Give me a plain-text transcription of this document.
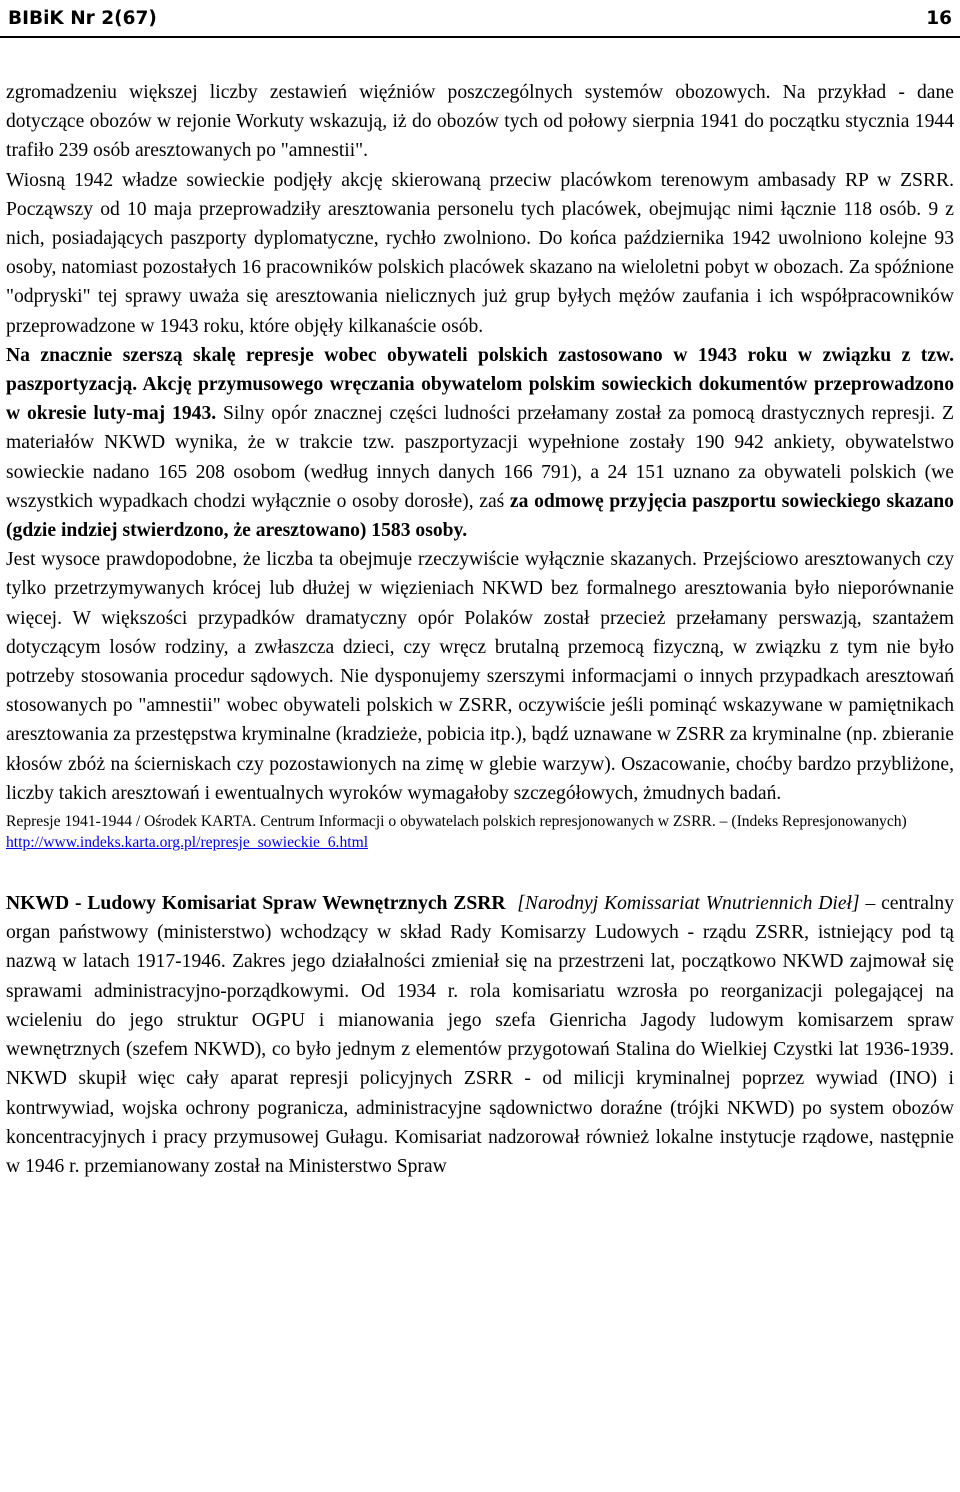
BIBiK Nr 2(67)	16

zgromadzeniu większej liczby zestawień więźniów poszczególnych systemów obozowych. Na przykład - dane dotyczące obozów w rejonie Workuty wskazują, iż do obozów tych od połowy sierpnia 1941 do początku stycznia 1944 trafiło 239 osób aresztowanych po "amnestii".

Wiosną 1942 władze sowieckie podjęły akcję skierowaną przeciw placówkom terenowym ambasady RP w ZSRR. Począwszy od 10 maja przeprowadziły aresztowania personelu tych placówek, obejmując nimi łącznie 118 osób. 9 z nich, posiadających paszporty dyplomatyczne, rychło zwolniono. Do końca października 1942 uwolniono kolejne 93 osoby, natomiast pozostałych 16 pracowników polskich placówek skazano na wieloletni pobyt w obozach. Za spóźnione "odpryski" tej sprawy uważa się aresztowania nielicznych już grup byłych mężów zaufania i ich współpracowników przeprowadzone w 1943 roku, które objęły kilkanaście osób.

Na znacznie szerszą skalę represje wobec obywateli polskich zastosowano w 1943 roku w związku z tzw. paszportyzacją. Akcję przymusowego wręczania obywatelom polskim sowieckich dokumentów przeprowadzono w okresie luty-maj 1943. Silny opór znacznej części ludności przełamany został za pomocą drastycznych represji. Z materiałów NKWD wynika, że w trakcie tzw. paszportyzacji wypełnione zostały 190 942 ankiety, obywatelstwo sowieckie nadano 165 208 osobom (według innych danych 166 791), a 24 151 uznano za obywateli polskich (we wszystkich wypadkach chodzi wyłącznie o osoby dorosłe), zaś za odmowę przyjęcia paszportu sowieckiego skazano (gdzie indziej stwierdzono, że aresztowano) 1583 osoby.

Jest wysoce prawdopodobne, że liczba ta obejmuje rzeczywiście wyłącznie skazanych. Przejściowo aresztowanych czy tylko przetrzymywanych krócej lub dłużej w więzieniach NKWD bez formalnego aresztowania było nieporównanie więcej. W większości przypadków dramatyczny opór Polaków został przecież przełamany perswazją, szantażem dotyczącym losów rodziny, a zwłaszcza dzieci, czy wręcz brutalną przemocą fizyczną, w związku z tym nie było potrzeby stosowania procedur sądowych. Nie dysponujemy szerszymi informacjami o innych przypadkach aresztowań stosowanych po "amnestii" wobec obywateli polskich w ZSRR, oczywiście jeśli pominąć wskazywane w pamiętnikach aresztowania za przestępstwa kryminalne (kradzieże, pobicia itp.), bądź uznawane w ZSRR za kryminalne (np. zbieranie kłosów zbóż na ścierniskach czy pozostawionych na zimę w glebie warzyw). Oszacowanie, choćby bardzo przybliżone, liczby takich aresztowań i ewentualnych wyroków wymagałoby szczegółowych, żmudnych badań.

Represje 1941-1944 / Ośrodek KARTA. Centrum Informacji o obywatelach polskich represjonowanych w ZSRR. – (Indeks Represjonowanych)
http://www.indeks.karta.org.pl/represje_sowieckie_6.html

NKWD - Ludowy Komisariat Spraw Wewnętrznych ZSRR [Narodnyj Komissariat Wnutriennich Dieł] – centralny organ państwowy (ministerstwo) wchodzący w skład Rady Komisarzy Ludowych - rządu ZSRR, istniejący pod tą nazwą w latach 1917-1946. Zakres jego działalności zmieniał się na przestrzeni lat, początkowo NKWD zajmował się sprawami administracyjno-porządkowymi. Od 1934 r. rola komisariatu wzrosła po reorganizacji polegającej na wcieleniu do jego struktur OGPU i mianowania jego szefa Gienricha Jagody ludowym komisarzem spraw wewnętrznych (szefem NKWD), co było jednym z elementów przygotowań Stalina do Wielkiej Czystki lat 1936-1939. NKWD skupił więc cały aparat represji policyjnych ZSRR - od milicji kryminalnej poprzez wywiad (INO) i kontrwywiad, wojska ochrony pogranicza, administracyjne sądownictwo doraźne (trójki NKWD) po system obozów koncentracyjnych i pracy przymusowej Gułagu. Komisariat nadzorował również lokalne instytucje rządowe, następnie w 1946 r. przemianowany został na Ministerstwo Spraw
